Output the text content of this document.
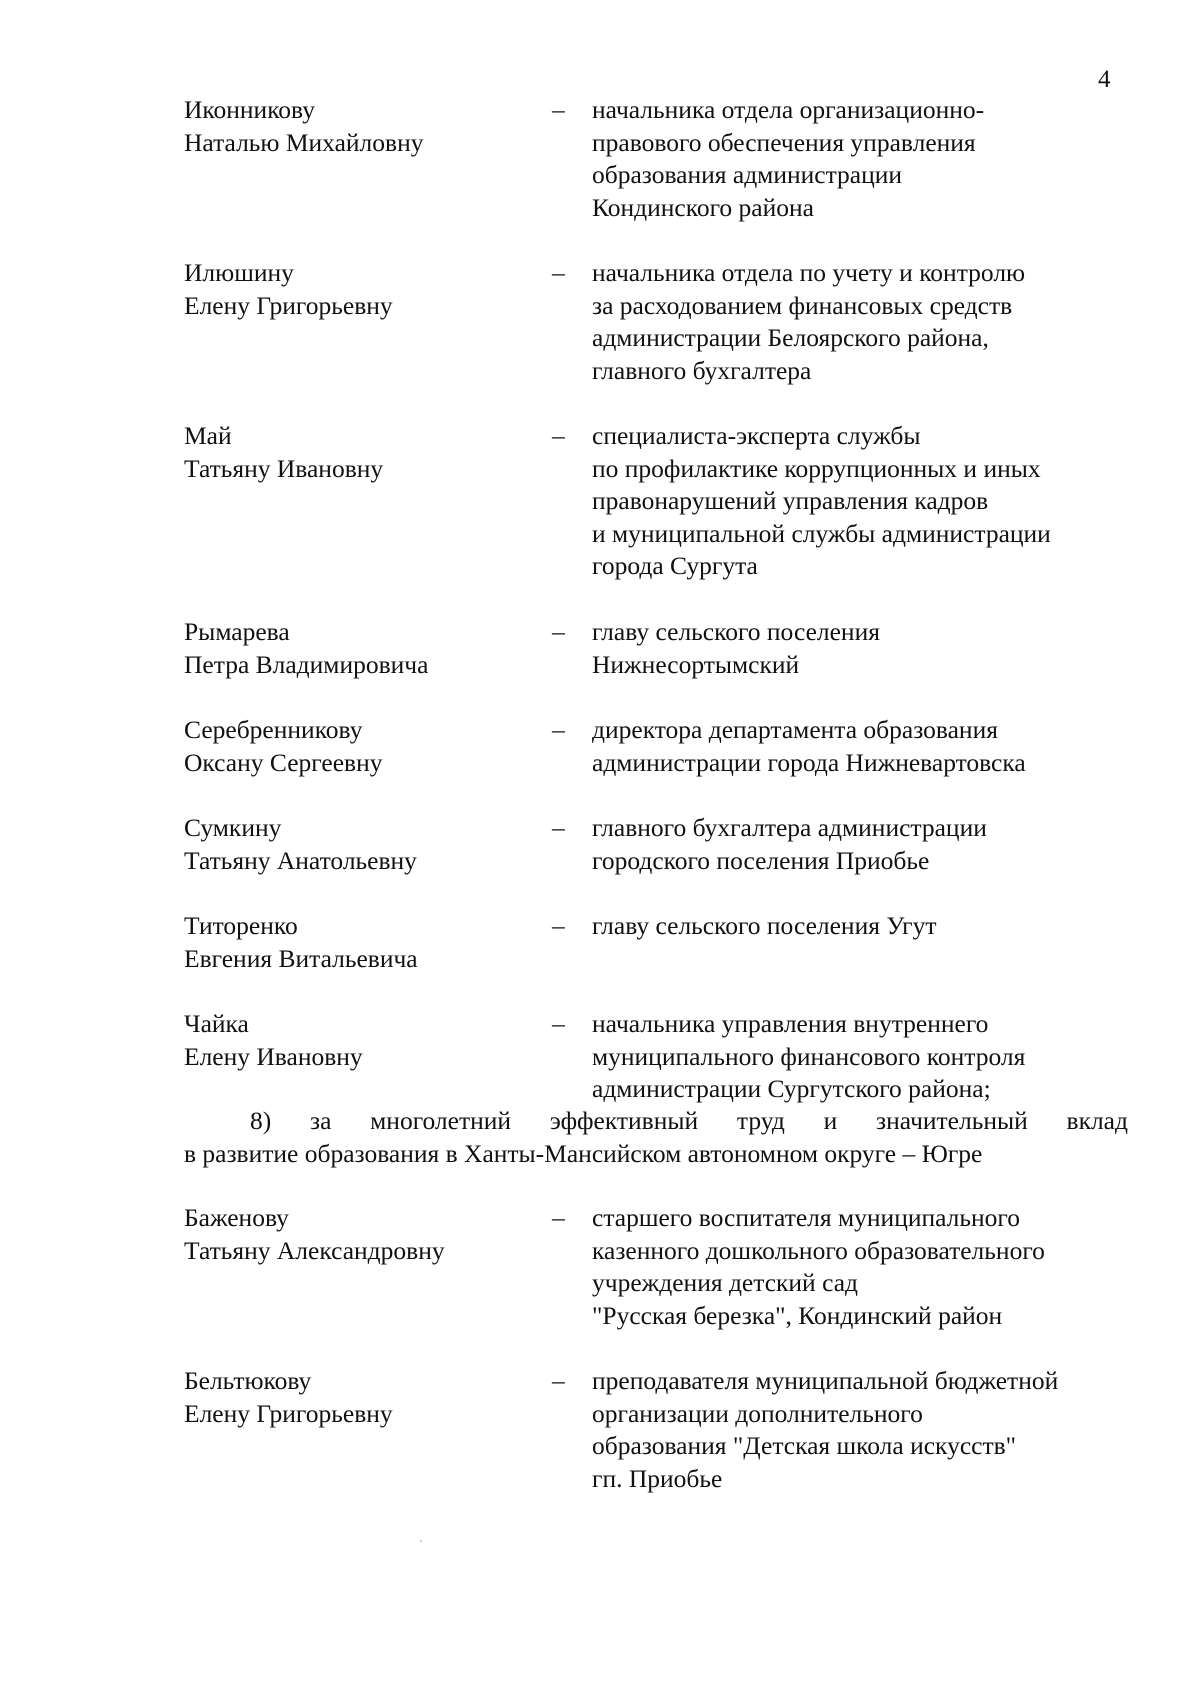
4
Иконникову
Наталью Михайловну
– начальника отдела организационно-
правового обеспечения управления
образования администрации
Кондинского района
Илюшину
Елену Григорьевну
– начальника отдела по учету и контролю
за расходованием финансовых средств
администрации Белоярского района,
главного бухгалтера
Май
Татьяну Ивановну
– специалиста-эксперта службы
по профилактике коррупционных и иных
правонарушений управления кадров
и муниципальной службы администрации
города Сургута
Рымарева
Петра Владимировича
– главу сельского поселения
Нижнесортымский
Серебренникову
Оксану Сергеевну
– директора департамента образования
администрации города Нижневартовска
Сумкину
Татьяну Анатольевну
– главного бухгалтера администрации
городского поселения Приобье
Титоренко
Евгения Витальевича
– главу сельского поселения Угут
Чайка
Елену Ивановну
– начальника управления внутреннего
муниципального финансового контроля
администрации Сургутского района;
8) за многолетний эффективный труд и значительный вклад
в развитие образования в Ханты-Мансийском автономном округе – Югре
Баженову
Татьяну Александровну
– старшего воспитателя муниципального
казенного дошкольного образовательного
учреждения детский сад
"Русская березка", Кондинский район
Бельтюкову
Елену Григорьевну
– преподавателя муниципальной бюджетной
организации дополнительного
образования "Детская школа искусств"
гп. Приобье
